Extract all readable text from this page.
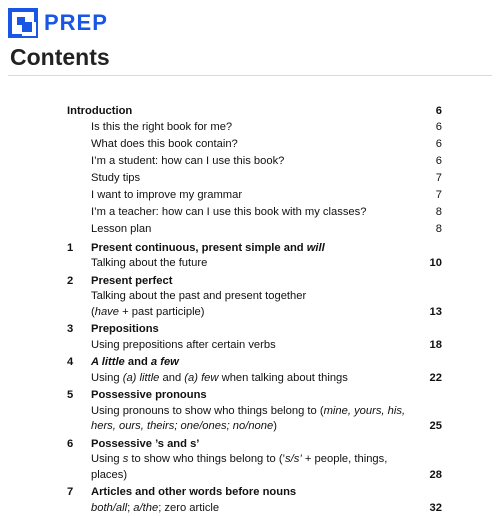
PREP
Contents
Introduction	6
Is this the right book for me?	6
What does this book contain?	6
I’m a student: how can I use this book?	6
Study tips	7
I want to improve my grammar	7
I’m a teacher: how can I use this book with my classes?	8
Lesson plan	8
1	Present continuous, present simple and will
Talking about the future	10
2	Present perfect
Talking about the past and present together
(have + past participle)	13
3	Prepositions
Using prepositions after certain verbs	18
4	A little and a few
Using (a) little and (a) few when talking about things	22
5	Possessive pronouns
Using pronouns to show who things belong to (mine, yours, his, hers, ours, theirs; one/ones; no/none)	25
6	Possessive ’s and s’
Using s to show who things belong to (’s/s’ + people, things, places)	28
7	Articles and other words before nouns
both/all; a/the; zero article	32
